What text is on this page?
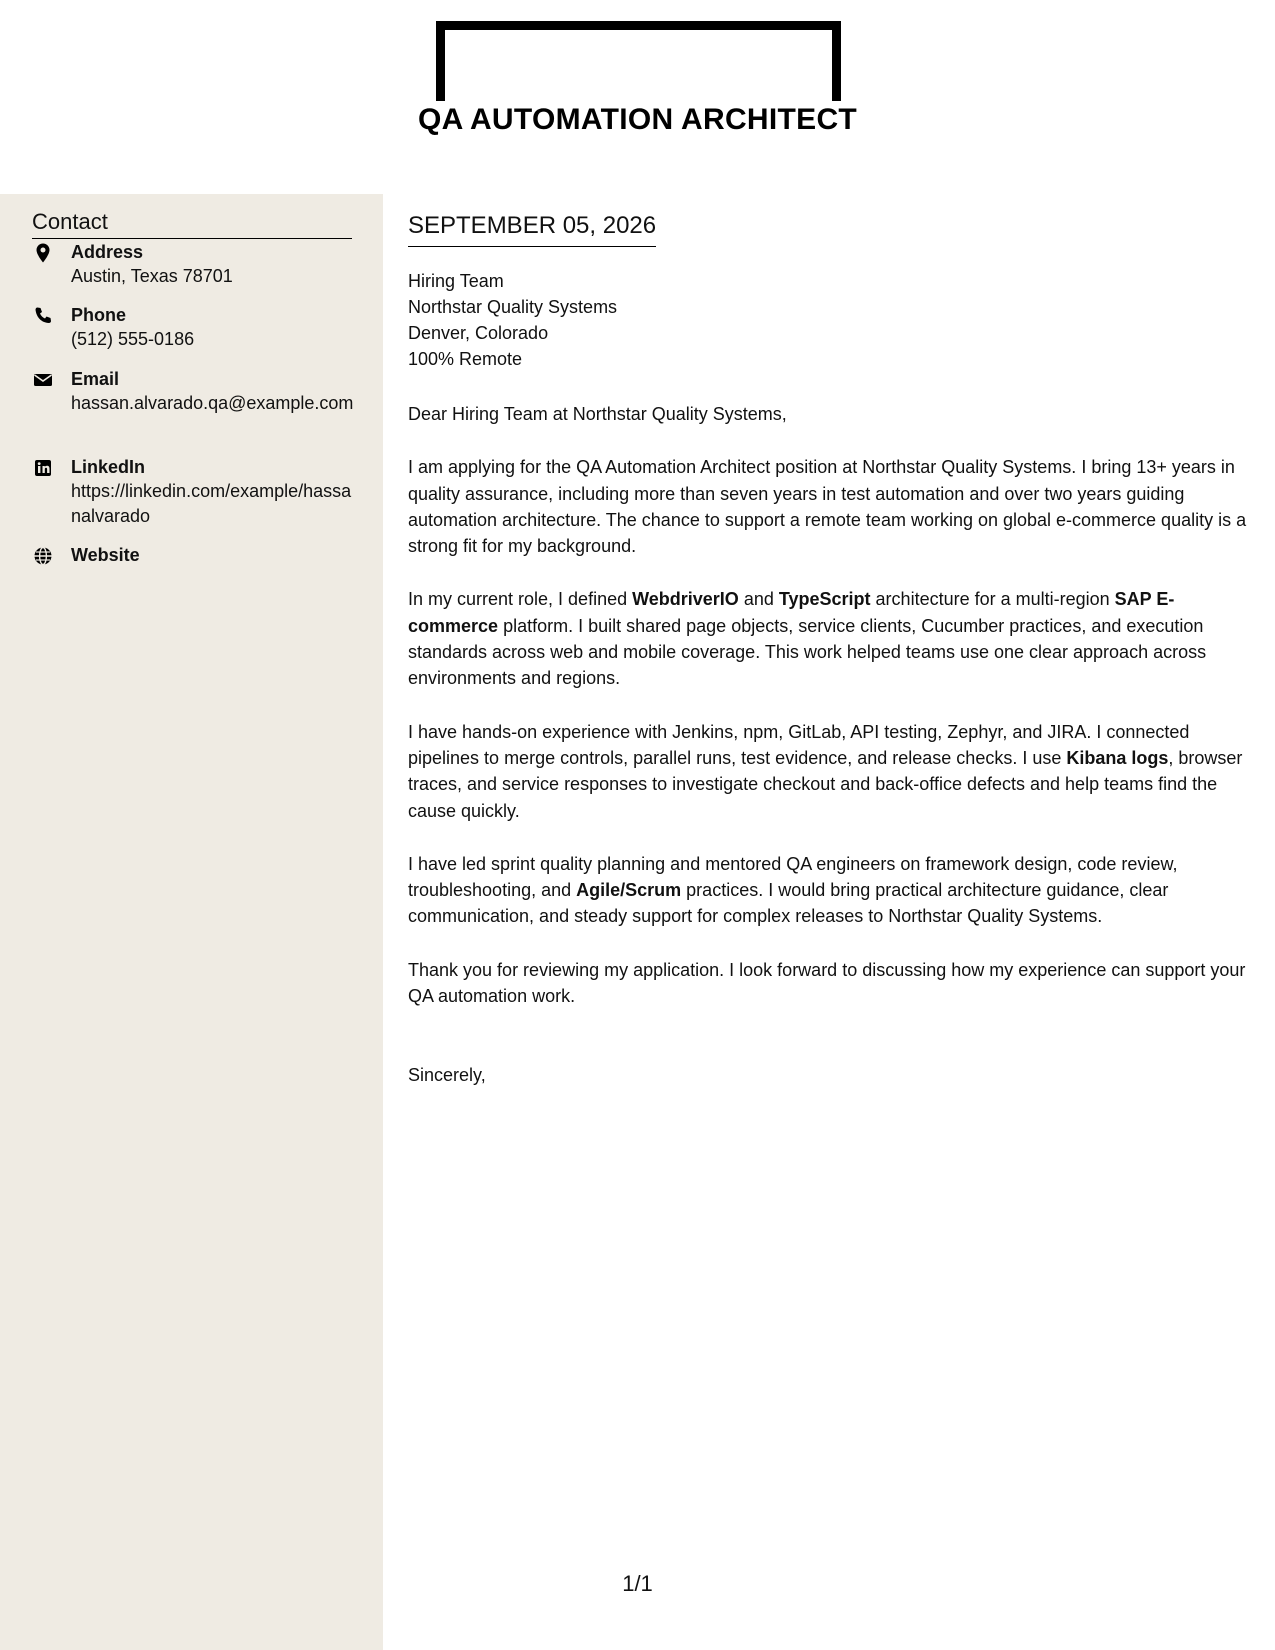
QA AUTOMATION ARCHITECT
Contact
Address
Austin, Texas 78701
Phone
(512) 555-0186
Email
hassan.alvarado.qa@example.com
LinkedIn
https://linkedin.com/example/hassanalvarado
Website
SEPTEMBER 05, 2026
Hiring Team
Northstar Quality Systems
Denver, Colorado
100% Remote
Dear Hiring Team at Northstar Quality Systems,
I am applying for the QA Automation Architect position at Northstar Quality Systems. I bring 13+ years in quality assurance, including more than seven years in test automation and over two years guiding automation architecture. The chance to support a remote team working on global e-commerce quality is a strong fit for my background.
In my current role, I defined WebdriverIO and TypeScript architecture for a multi-region SAP E-commerce platform. I built shared page objects, service clients, Cucumber practices, and execution standards across web and mobile coverage. This work helped teams use one clear approach across environments and regions.
I have hands-on experience with Jenkins, npm, GitLab, API testing, Zephyr, and JIRA. I connected pipelines to merge controls, parallel runs, test evidence, and release checks. I use Kibana logs, browser traces, and service responses to investigate checkout and back-office defects and help teams find the cause quickly.
I have led sprint quality planning and mentored QA engineers on framework design, code review, troubleshooting, and Agile/Scrum practices. I would bring practical architecture guidance, clear communication, and steady support for complex releases to Northstar Quality Systems.
Thank you for reviewing my application. I look forward to discussing how my experience can support your QA automation work.
Sincerely,
1/1
